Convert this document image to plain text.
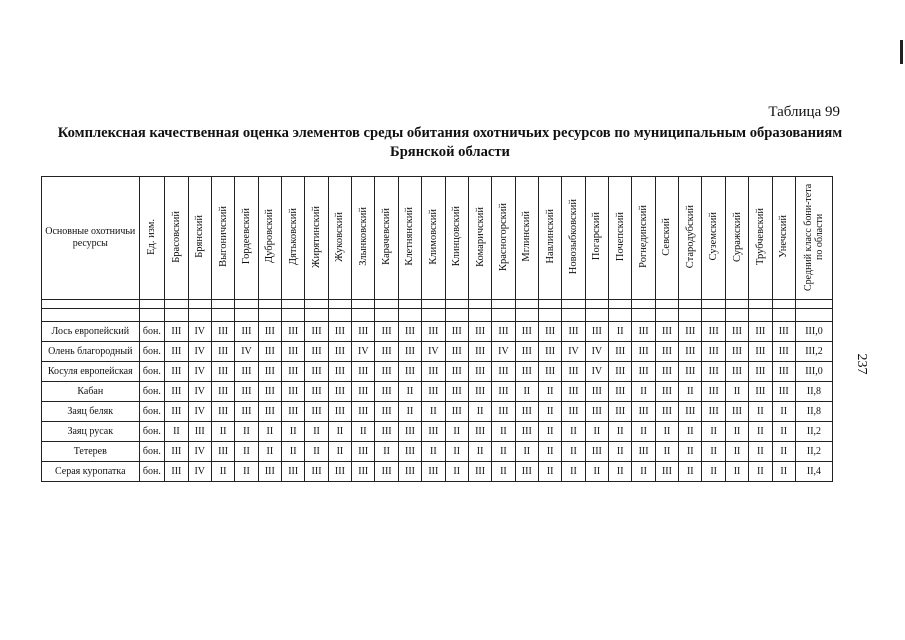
Таблица 99
Комплексная качественная оценка элементов среды обитания охотничьих ресурсов по муниципальным образованиям Брянской области
237
Основные охотничьи ресурсы	Ед. изм.	Брасовский	Брянский	Выгоничский	Гордеевский	Дубровский	Дятьковский	Жирятинский	Жуковский	Злынковский	Карачевский	Клетнянский	Климовский	Клинцовский	Комаричский	Красногорский	Мглинский	Навлинский	Новозыбковский	Погарский	Почепский	Рогнединский	Севский	Стародубский	Суземский	Суражский	Трубчевский	Унечский	Средний класс бони-тета по области

Лось европейский	бон.	III	IV	III	III	III	III	III	III	III	III	III	III	III	III	III	III	III	III	III	II	III	III	III	III	III	III	III	III,0
Олень благородный	бон.	III	IV	III	IV	III	III	III	III	IV	III	III	IV	III	III	IV	III	III	IV	IV	III	III	III	III	III	III	III	III	III,2
Косуля европейская	бон.	III	IV	III	III	III	III	III	III	III	III	III	III	III	III	III	III	III	III	IV	III	III	III	III	III	III	III	III	III,0
Кабан	бон.	III	IV	III	III	III	III	III	III	III	III	II	III	III	III	III	II	II	III	III	III	II	III	II	III	II	III	III	II,8
Заяц беляк	бон.	III	IV	III	III	III	III	III	III	III	III	II	II	III	II	III	III	II	III	III	III	III	III	III	III	III	II	II	II,8
Заяц русак	бон.	II	III	II	II	II	II	II	II	II	III	III	III	II	III	II	III	II	II	II	II	II	II	II	II	II	II	II	II,2
Тетерев	бон.	III	IV	III	II	II	II	II	II	III	II	III	II	II	II	II	II	II	II	III	II	III	II	II	II	II	II	II	II,2
Серая куропатка	бон.	III	IV	II	II	III	III	III	III	III	III	III	III	II	III	II	III	II	II	II	II	II	III	II	II	II	II	II	II,4
